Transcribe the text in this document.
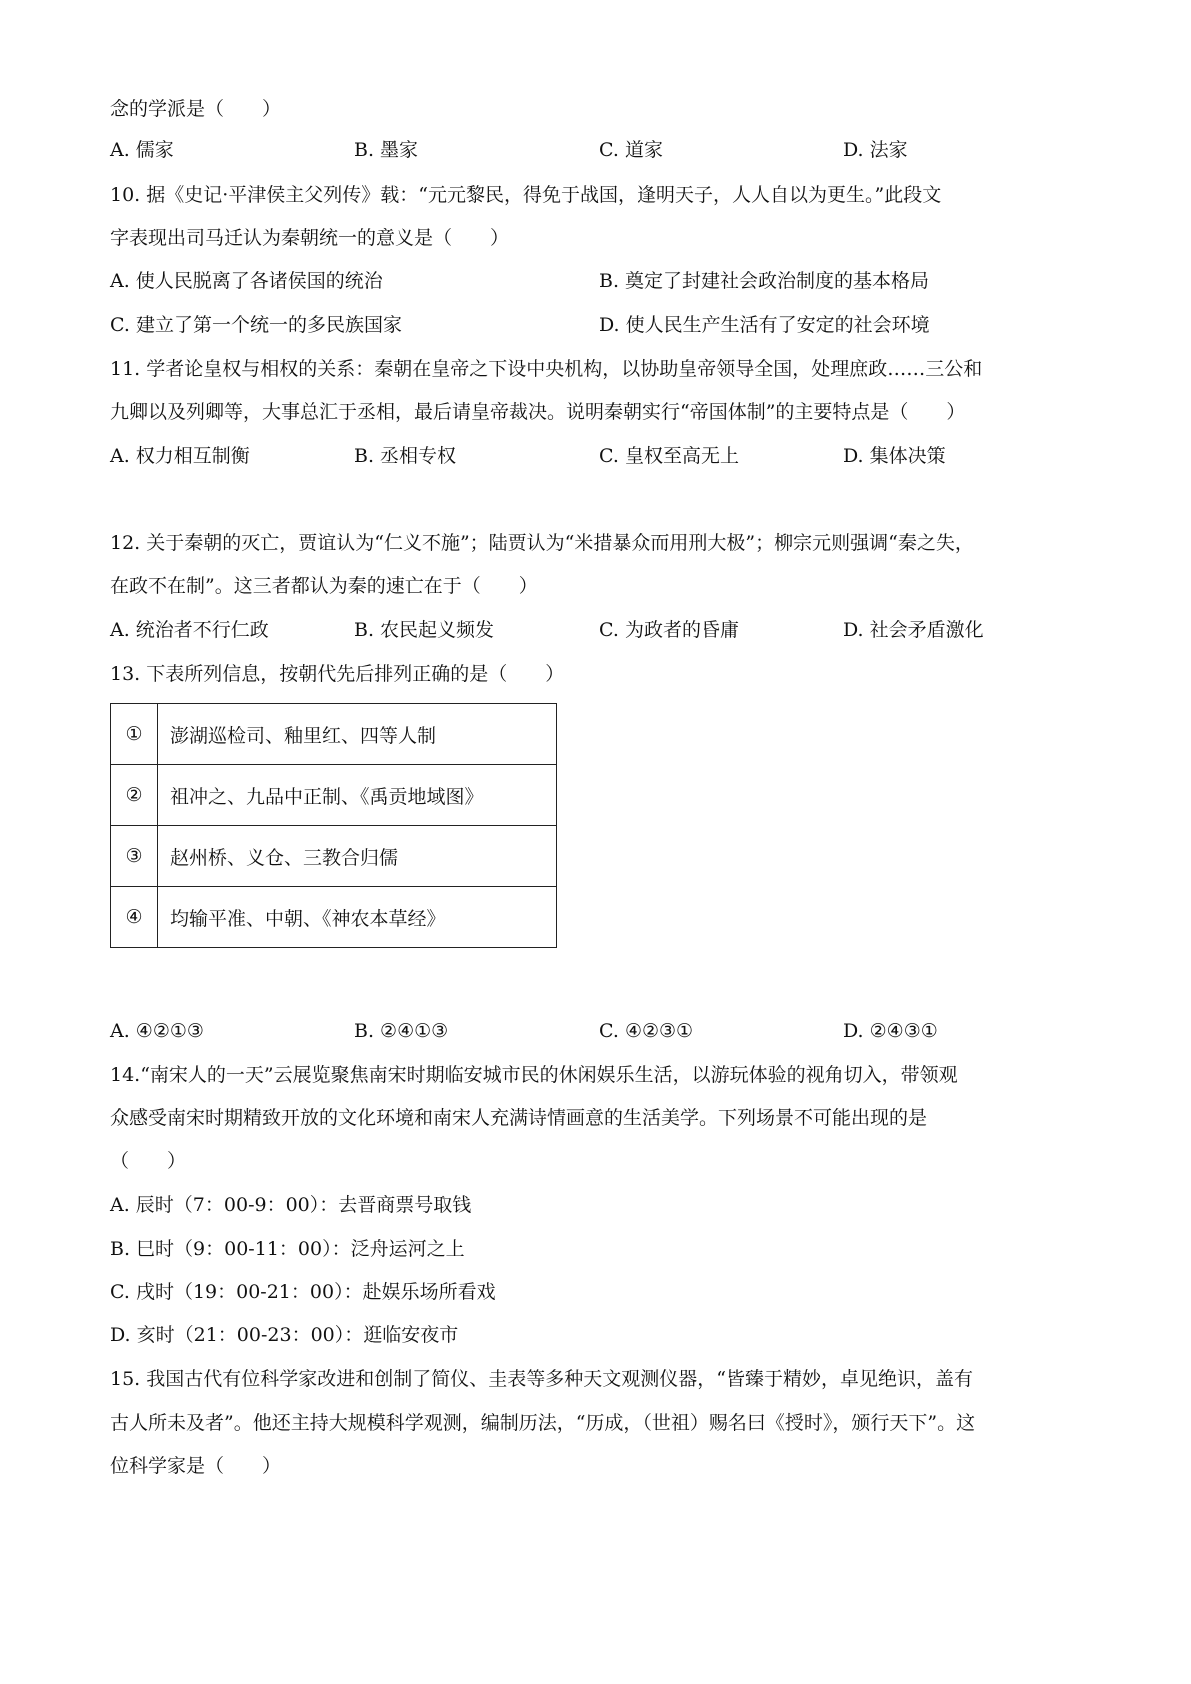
念的学派是（　　）
A. 儒家	B. 墨家	C. 道家	D. 法家
10. 据《史记·平津侯主父列传》载：“元元黎民，得免于战国，逢明天子，人人自以为更生。”此段文
字表现出司马迁认为秦朝统一的意义是（　　）
A. 使人民脱离了各诸侯国的统治	B. 奠定了封建社会政治制度的基本格局
C. 建立了第一个统一的多民族国家	D. 使人民生产生活有了安定的社会环境
11. 学者论皇权与相权的关系：秦朝在皇帝之下设中央机构，以协助皇帝领导全国，处理庶政……三公和
九卿以及列卿等，大事总汇于丞相，最后请皇帝裁决。说明秦朝实行“帝国体制”的主要特点是（　　）
A. 权力相互制衡	B. 丞相专权	C. 皇权至高无上	D. 集体决策
12. 关于秦朝的灭亡，贾谊认为“仁义不施”；陆贾认为“米措暴众而用刑大极”；柳宗元则强调“秦之失，
在政不在制”。这三者都认为秦的速亡在于（　　）
A. 统治者不行仁政	B. 农民起义频发	C. 为政者的昏庸	D. 社会矛盾激化
13. 下表所列信息，按朝代先后排列正确的是（　　）
①	澎湖巡检司、釉里红、四等人制
②	祖冲之、九品中正制、《禹贡地域图》
③	赵州桥、义仓、三教合归儒
④	均输平准、中朝、《神农本草经》
A. ④②①③	B. ②④①③	C. ④②③①	D. ②④③①
14.“南宋人的一天”云展览聚焦南宋时期临安城市民的休闲娱乐生活，以游玩体验的视角切入，带领观
众感受南宋时期精致开放的文化环境和南宋人充满诗情画意的生活美学。下列场景不可能出现的是
（　　）
A. 辰时（7：00-9：00）：去晋商票号取钱
B. 巳时（9：00-11：00）：泛舟运河之上
C. 戌时（19：00-21：00）：赴娱乐场所看戏
D. 亥时（21：00-23：00）：逛临安夜市
15. 我国古代有位科学家改进和创制了简仪、圭表等多种天文观测仪器，“皆臻于精妙，卓见绝识，盖有
古人所未及者”。他还主持大规模科学观测，编制历法，“历成，（世祖）赐名曰《授时》，颁行天下”。这
位科学家是（　　）
